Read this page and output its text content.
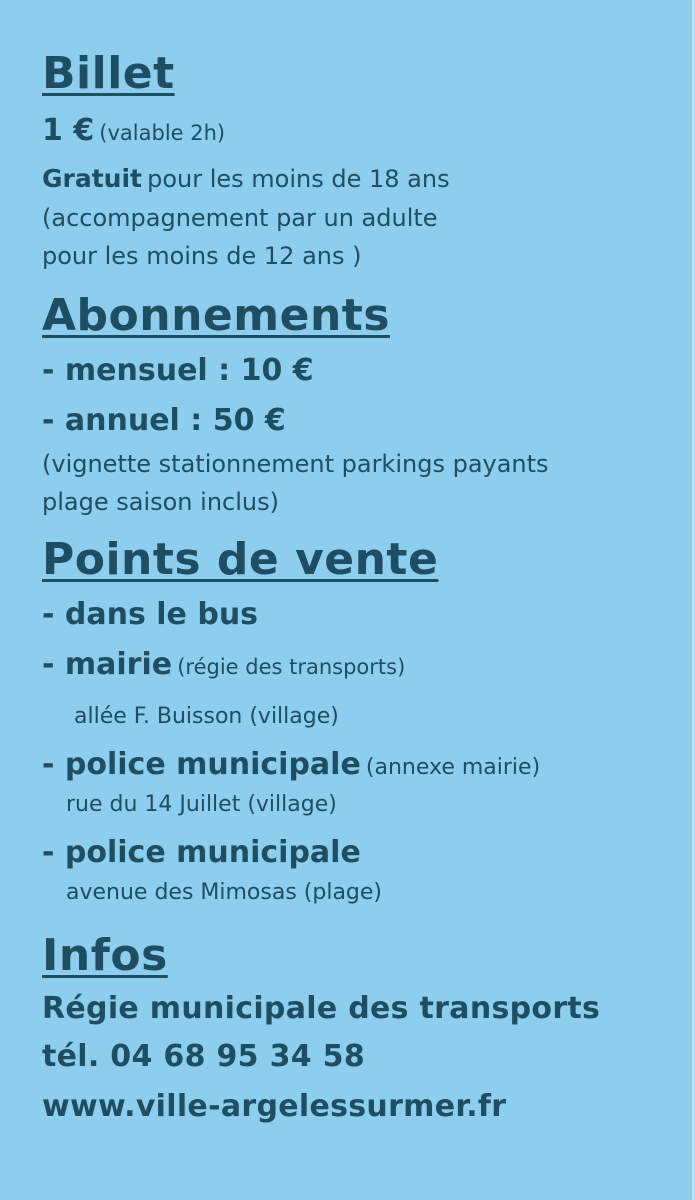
Billet
1 € (valable 2h)
Gratuit pour les moins de 18 ans
(accompagnement par un adulte
pour les moins de 12 ans )
Abonnements
- mensuel : 10 €
- annuel : 50 €
(vignette stationnement parkings payants
plage saison inclus)
Points de vente
- dans le bus
- mairie (régie des transports)
allée F. Buisson (village)
- police municipale (annexe mairie)
rue du 14 Juillet (village)
- police municipale
avenue des Mimosas (plage)
Infos
Régie municipale des transports
tél. 04 68 95 34 58
www.ville-argelessurmer.fr
